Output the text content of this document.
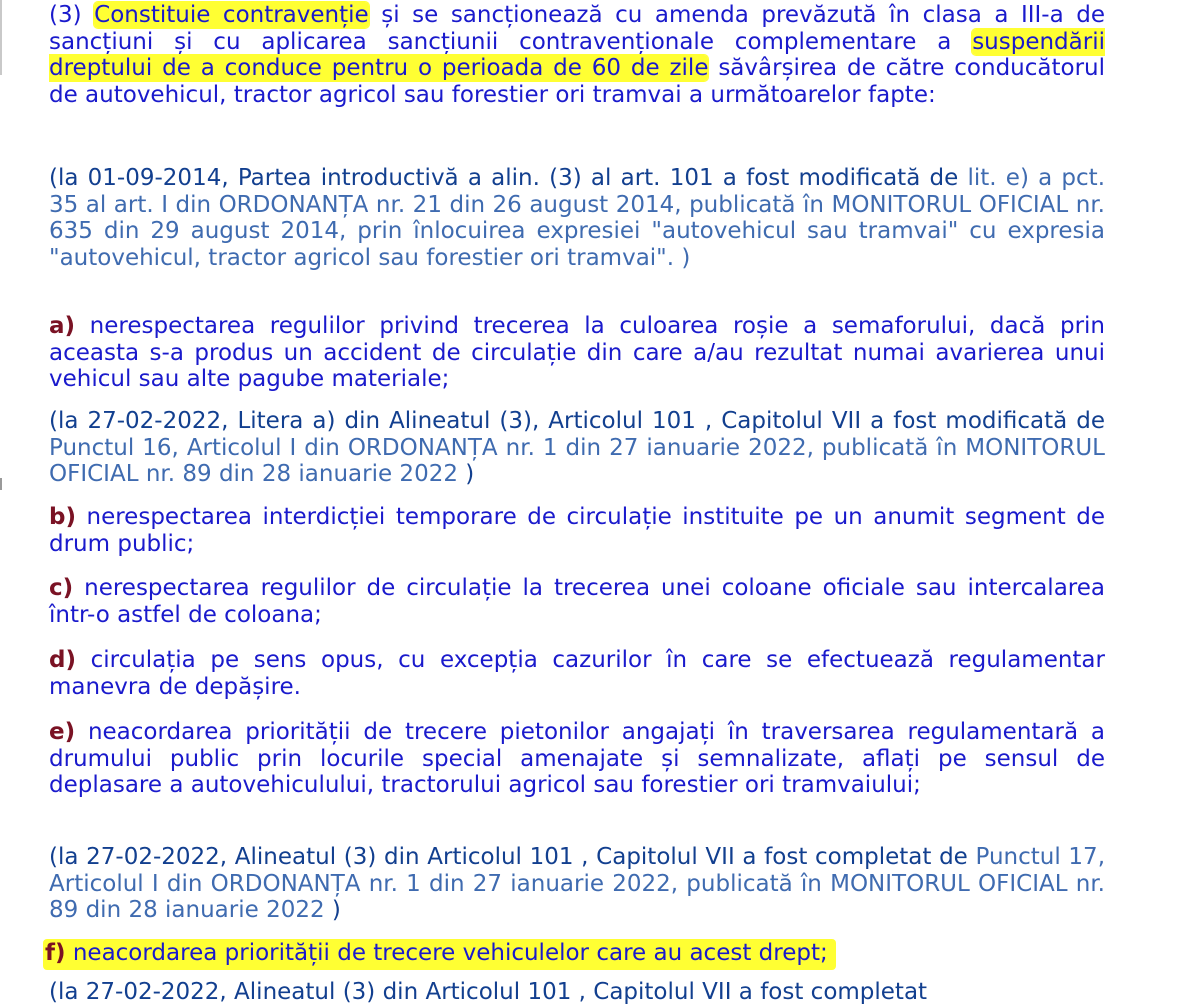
(3) Constituie contravenție și se sancționează cu amenda prevăzută în clasa a III-a de sancțiuni și cu aplicarea sancțiunii contravenționale complementare a suspendării dreptului de a conduce pentru o perioada de 60 de zile săvârșirea de către conducătorul de autovehicul, tractor agricol sau forestier ori tramvai a următoarelor fapte:

(la 01-09-2014, Partea introductivă a alin. (3) al art. 101 a fost modificată de lit. e) a pct. 35 al art. I din ORDONANȚA nr. 21 din 26 august 2014, publicată în MONITORUL OFICIAL nr. 635 din 29 august 2014, prin înlocuirea expresiei "autovehicul sau tramvai" cu expresia "autovehicul, tractor agricol sau forestier ori tramvai". )

a) nerespectarea regulilor privind trecerea la culoarea roșie a semaforului, dacă prin aceasta s-a produs un accident de circulație din care a/au rezultat numai avarierea unui vehicul sau alte pagube materiale;

(la 27-02-2022, Litera a) din Alineatul (3), Articolul 101 , Capitolul VII a fost modificată de Punctul 16, Articolul I din ORDONANȚA nr. 1 din 27 ianuarie 2022, publicată în MONITORUL OFICIAL nr. 89 din 28 ianuarie 2022 )

b) nerespectarea interdicției temporare de circulație instituite pe un anumit segment de drum public;

c) nerespectarea regulilor de circulație la trecerea unei coloane oficiale sau intercalarea într-o astfel de coloana;

d) circulația pe sens opus, cu excepția cazurilor în care se efectuează regulamentar manevra de depășire.

e) neacordarea priorității de trecere pietonilor angajați în traversarea regulamentară a drumului public prin locurile special amenajate și semnalizate, aflați pe sensul de deplasare a autovehiculului, tractorului agricol sau forestier ori tramvaiului;

(la 27-02-2022, Alineatul (3) din Articolul 101 , Capitolul VII a fost completat de Punctul 17, Articolul I din ORDONANȚA nr. 1 din 27 ianuarie 2022, publicată în MONITORUL OFICIAL nr. 89 din 28 ianuarie 2022 )

f) neacordarea priorității de trecere vehiculelor care au acest drept;

(la 27-02-2022, Alineatul (3) din Articolul 101 , Capitolul VII a fost completat
